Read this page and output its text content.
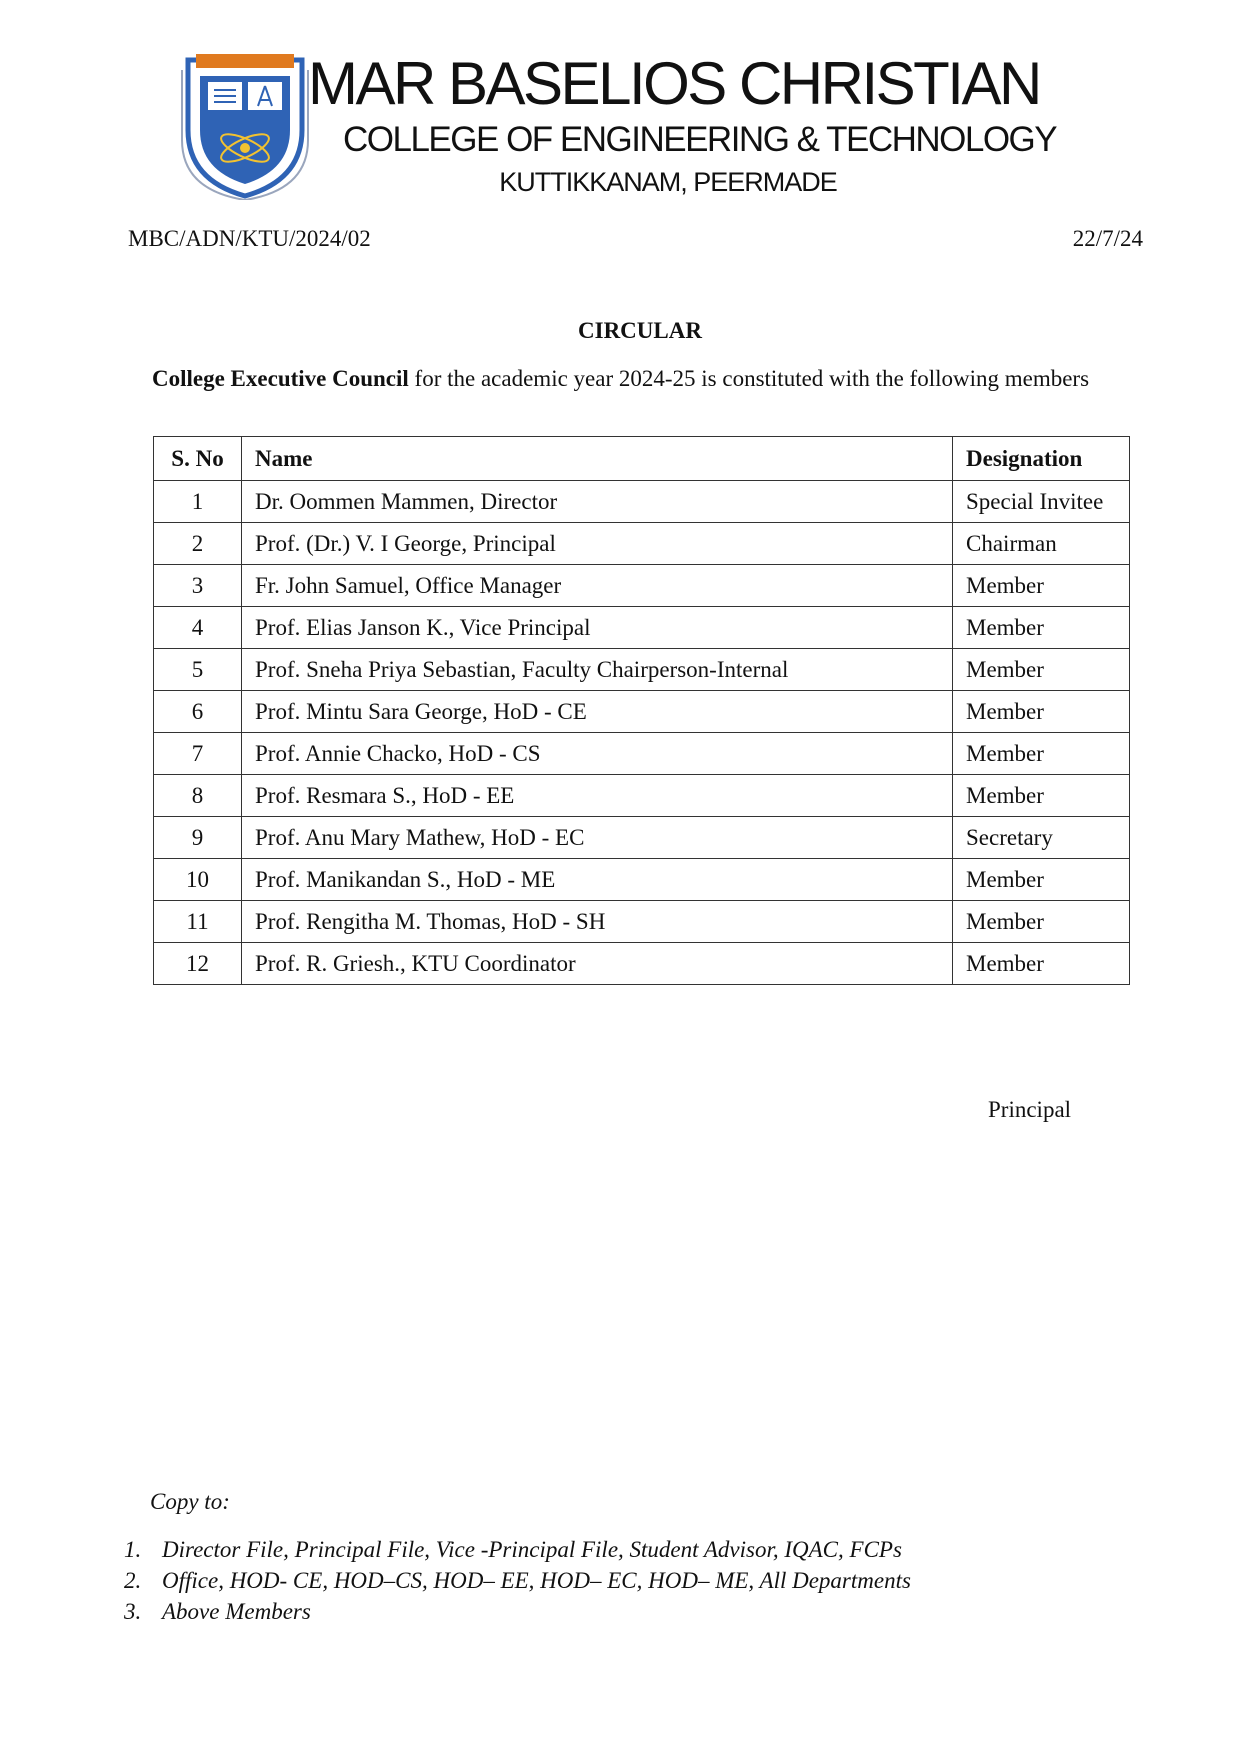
MAR BASELIOS CHRISTIAN
COLLEGE OF ENGINEERING & TECHNOLOGY
KUTTIKKANAM, PEERMADE
MBC/ADN/KTU/2024/02	22/7/24
CIRCULAR
College Executive Council for the academic year 2024-25 is constituted with the following members
S. No	Name	Designation
1	Dr. Oommen Mammen, Director	Special Invitee
2	Prof. (Dr.) V. I George, Principal	Chairman
3	Fr. John Samuel, Office Manager	Member
4	Prof. Elias Janson K., Vice Principal	Member
5	Prof. Sneha Priya Sebastian, Faculty Chairperson-Internal	Member
6	Prof. Mintu Sara George, HoD - CE	Member
7	Prof. Annie Chacko, HoD - CS	Member
8	Prof. Resmara S., HoD - EE	Member
9	Prof. Anu Mary Mathew, HoD - EC	Secretary
10	Prof. Manikandan S., HoD - ME	Member
11	Prof. Rengitha M. Thomas, HoD - SH	Member
12	Prof. R. Griesh., KTU Coordinator	Member
Principal
Copy to:
1. Director File, Principal File, Vice -Principal File, Student Advisor, IQAC, FCPs
2. Office, HOD- CE, HOD–CS, HOD– EE, HOD– EC, HOD– ME, All Departments
3. Above Members
